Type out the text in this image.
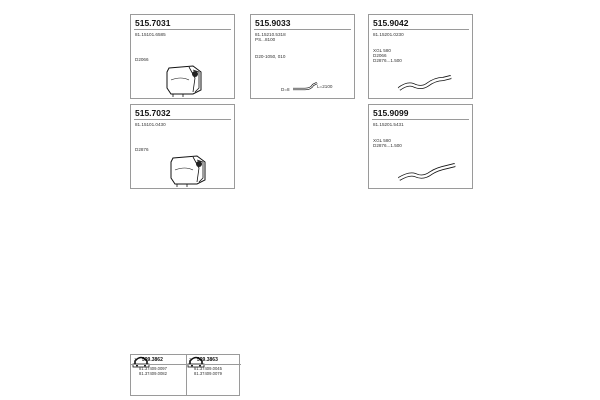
515.7031
81.15101.6585
D2066
515.7032
81.15101.0430
D2876
515.9033
81.15210.5318
PS...8100
D20-1050, 010
D=8
L=2100
515.9042
81.15201.0230
XGL 580
D2066
D2876...1.500
515.9099
81.15201.5431
XGL 580
D2876...1.500
1 599.3862
81.37409.0097
81.37409.0082
2 599.3863
81.37409.0045
81.37409.0079
